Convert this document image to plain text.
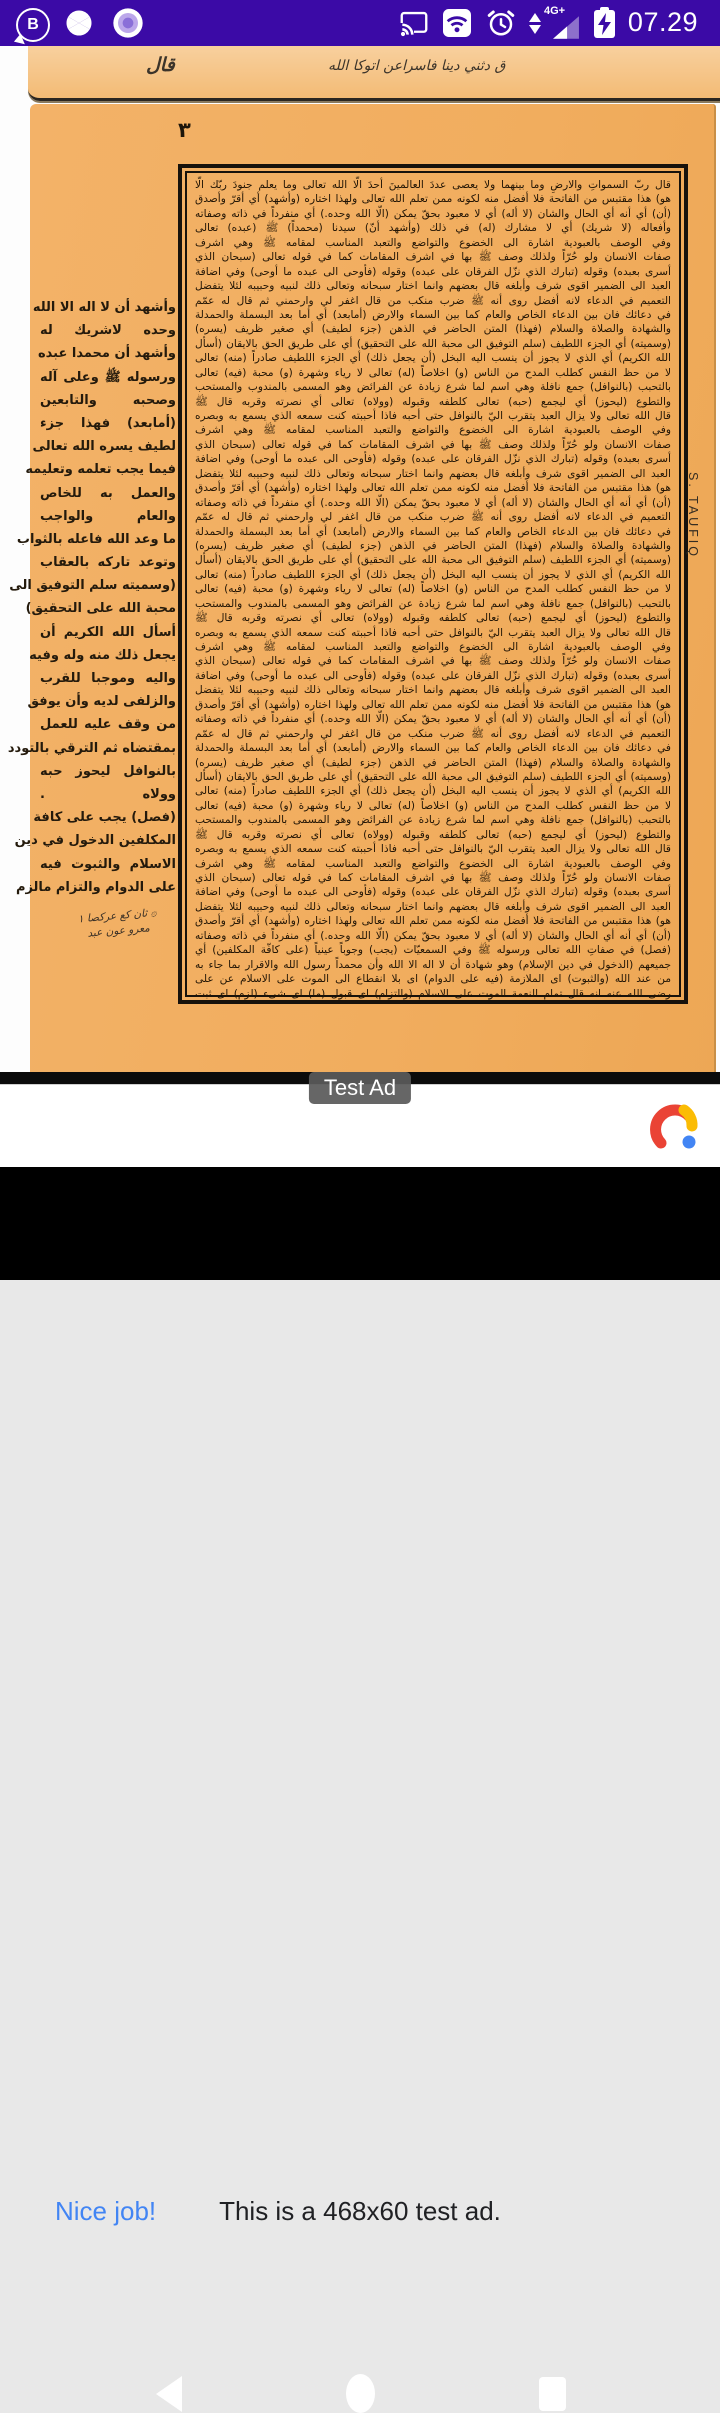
B
4G+ 07.29
قال	ق دثني دينا فاسراعن اتوكا الله
٣
وأشهد أن لا اله الا الله
وحده لاشريك له
وأشهد أن محمدا عبده
ورسوله ﷺ وعلى آله
وصحبه والتابعين
(أمابعد) فهذا جزء
لطيف يسره الله تعالى
فيما يجب تعلمه وتعليمه
والعمل به للخاص
والعام والواجب
ما وعد الله فاعله بالثواب
وتوعد تاركه بالعقاب
(وسميته سلم التوفيق الى
محبة الله على التحقيق)
أسأل الله الكريم أن
يجعل ذلك منه وله وفيه
واليه وموجبا للقرب
والزلفى لديه وأن يوفق
من وقف عليه للعمل
بمقتضاه ثم الترقي بالتودد
بالنوافل ليحوز حبه
وولاه .
(فصل) يجب على كافة
المكلفين الدخول في دين
الاسلام والثبوت فيه
على الدوام والتزام مالزم
۞ ثان كع عركصا ١
معرو عون عبد
قال ربّ السمواتِ والارضِ وما بينهما ولا يعصى عددَ العالمينَ أحدَ الّا الله تعالى وما يعلم جنودَ ربّك الّا
هو) هذا مقتبس من الفاتحة فلا أفضل منه لكونه ممن تعلم الله تعالى ولهذا اختاره (وأشهد) أي أقرّ وأصدق
(أن) أي أنه أي الحال والشان (لا أله) أي لا معبود بحقّ يمكن (الّا الله وحده.) أي منفرداً في ذاته وصفاته
وأفعاله (لا شريك) أي لا مشارك (له) في ذلك (وأشهد أنّ) سيدنا (محمداً) ﷺ (عبده) تعالى
وفي الوصف بالعبودية اشارة الى الخضوع والتواضع والتعبد المناسب لمقامه ﷺ وهي اشرف
صفات الانسان ولو حُرّاً ولذلك وصف ﷺ بها في اشرف المقامات كما في قوله تعالى (سبحان الذي
أسرى بعبده) وقوله (تبارك الذي نزّل الفرقان على عبده) وقوله (فأوحى الى عبده ما أوحى) وفي اضافة
العبد الى الضمير اقوى شرف وأبلغه قال بعضهم وانما اختار سبحانه وتعالى ذلك لنبيه وحبيبه لئلا يتفضل
التعميم في الدعاء لانه أفضل روى أنه ﷺ ضرب منكب من قال اغفر لي وارحمني ثم قال له عمّم
في دعائك فان بين الدعاء الخاص والعام كما بين السماء والارض (أمابعد) أي أما بعد البسملة والحمدلة
والشهادة والصلاة والسلام (فهذا) المتن الحاضر في الذهن (جزء لطيف) أي صغير ظريف (يسره)
(وسميته) أي الجزء اللطيف (سلم التوفيق الى محبة الله على التحقيق) أي على طريق الحق بالايقان (أسأل
الله الكريم) أي الذي لا يجوز أن ينسب اليه البخل (أن يجعل ذلك) أي الجزء اللطيف صادراً (منه) تعالى
لا من حظ النفس كطلب المدح من الناس (و) اخلاصاً (له) تعالى لا رياء وشهرة (و) محبة (فيه) تعالى
بالتحبب (بالنوافل) جمع نافلة وهي اسم لما شرع زيادة عن الفرائض وهو المسمى بالمندوب والمستحب
والتطوع (ليحوز) أي ليجمع (حبه) تعالى كلطفه وقبوله (وولاه) تعالى أي نصرته وقربه قال ﷺ
قال الله تعالى ولا يزال العبد يتقرب اليّ بالنوافل حتى أحبه فاذا أحببته كنت سمعه الذي يسمع به وبصره
وفي الوصف بالعبودية اشارة الى الخضوع والتواضع والتعبد المناسب لمقامه ﷺ وهي اشرف
صفات الانسان ولو حُرّاً ولذلك وصف ﷺ بها في اشرف المقامات كما في قوله تعالى (سبحان الذي
أسرى بعبده) وقوله (تبارك الذي نزّل الفرقان على عبده) وقوله (فأوحى الى عبده ما أوحى) وفي اضافة
العبد الى الضمير اقوى شرف وأبلغه قال بعضهم وانما اختار سبحانه وتعالى ذلك لنبيه وحبيبه لئلا يتفضل
هو) هذا مقتبس من الفاتحة فلا أفضل منه لكونه ممن تعلم الله تعالى ولهذا اختاره (وأشهد) أي أقرّ وأصدق
(أن) أي أنه أي الحال والشان (لا أله) أي لا معبود بحقّ يمكن (الّا الله وحده.) أي منفرداً في ذاته وصفاته
التعميم في الدعاء لانه أفضل روى أنه ﷺ ضرب منكب من قال اغفر لي وارحمني ثم قال له عمّم
في دعائك فان بين الدعاء الخاص والعام كما بين السماء والارض (أمابعد) أي أما بعد البسملة والحمدلة
والشهادة والصلاة والسلام (فهذا) المتن الحاضر في الذهن (جزء لطيف) أي صغير ظريف (يسره)
(وسميته) أي الجزء اللطيف (سلم التوفيق الى محبة الله على التحقيق) أي على طريق الحق بالايقان (أسأل
الله الكريم) أي الذي لا يجوز أن ينسب اليه البخل (أن يجعل ذلك) أي الجزء اللطيف صادراً (منه) تعالى
لا من حظ النفس كطلب المدح من الناس (و) اخلاصاً (له) تعالى لا رياء وشهرة (و) محبة (فيه) تعالى
بالتحبب (بالنوافل) جمع نافلة وهي اسم لما شرع زيادة عن الفرائض وهو المسمى بالمندوب والمستحب
والتطوع (ليحوز) أي ليجمع (حبه) تعالى كلطفه وقبوله (وولاه) تعالى أي نصرته وقربه قال ﷺ
قال الله تعالى ولا يزال العبد يتقرب اليّ بالنوافل حتى أحبه فاذا أحببته كنت سمعه الذي يسمع به وبصره
وفي الوصف بالعبودية اشارة الى الخضوع والتواضع والتعبد المناسب لمقامه ﷺ وهي اشرف
صفات الانسان ولو حُرّاً ولذلك وصف ﷺ بها في اشرف المقامات كما في قوله تعالى (سبحان الذي
أسرى بعبده) وقوله (تبارك الذي نزّل الفرقان على عبده) وقوله (فأوحى الى عبده ما أوحى) وفي اضافة
العبد الى الضمير اقوى شرف وأبلغه قال بعضهم وانما اختار سبحانه وتعالى ذلك لنبيه وحبيبه لئلا يتفضل
هو) هذا مقتبس من الفاتحة فلا أفضل منه لكونه ممن تعلم الله تعالى ولهذا اختاره (وأشهد) أي أقرّ وأصدق
(أن) أي أنه أي الحال والشان (لا أله) أي لا معبود بحقّ يمكن (الّا الله وحده.) أي منفرداً في ذاته وصفاته
التعميم في الدعاء لانه أفضل روى أنه ﷺ ضرب منكب من قال اغفر لي وارحمني ثم قال له عمّم
في دعائك فان بين الدعاء الخاص والعام كما بين السماء والارض (أمابعد) أي أما بعد البسملة والحمدلة
والشهادة والصلاة والسلام (فهذا) المتن الحاضر في الذهن (جزء لطيف) أي صغير ظريف (يسره)
(وسميته) أي الجزء اللطيف (سلم التوفيق الى محبة الله على التحقيق) أي على طريق الحق بالايقان (أسأل
الله الكريم) أي الذي لا يجوز أن ينسب اليه البخل (أن يجعل ذلك) أي الجزء اللطيف صادراً (منه) تعالى
لا من حظ النفس كطلب المدح من الناس (و) اخلاصاً (له) تعالى لا رياء وشهرة (و) محبة (فيه) تعالى
بالتحبب (بالنوافل) جمع نافلة وهي اسم لما شرع زيادة عن الفرائض وهو المسمى بالمندوب والمستحب
والتطوع (ليحوز) أي ليجمع (حبه) تعالى كلطفه وقبوله (وولاه) تعالى أي نصرته وقربه قال ﷺ
قال الله تعالى ولا يزال العبد يتقرب اليّ بالنوافل حتى أحبه فاذا أحببته كنت سمعه الذي يسمع به وبصره
وفي الوصف بالعبودية اشارة الى الخضوع والتواضع والتعبد المناسب لمقامه ﷺ وهي اشرف
صفات الانسان ولو حُرّاً ولذلك وصف ﷺ بها في اشرف المقامات كما في قوله تعالى (سبحان الذي
أسرى بعبده) وقوله (تبارك الذي نزّل الفرقان على عبده) وقوله (فأوحى الى عبده ما أوحى) وفي اضافة
العبد الى الضمير اقوى شرف وأبلغه قال بعضهم وانما اختار سبحانه وتعالى ذلك لنبيه وحبيبه لئلا يتفضل
هو) هذا مقتبس من الفاتحة فلا أفضل منه لكونه ممن تعلم الله تعالى ولهذا اختاره (وأشهد) أي أقرّ وأصدق
(أن) أي أنه أي الحال والشان (لا أله) أي لا معبود بحقّ يمكن (الّا الله وحده.) أي منفرداً في ذاته وصفاته
(فصل) في صفاتِ الله تعالى ورسوله ﷺ وفي السمعيّات (يجب) وجوباً عينياً (على كافّة المكلفين) أي
جميعهم (الدخول في دين الإسلام) وهو شهادة أن لا اله الا الله وأن محمداً رسول الله والاقرار بما جاء به
من عند الله (والثبوت) اى الملازمة (فيه على الدوام) اى بلا انقطاع الى الموت على الاسلام عن على
رضى الله عنه انه قال تمام النعمة الموت على الاسلام (والتزام) اى قبول (ما) اى شىء (لزم) اى ثبت
S. TAUFIQ
Nice job!	This is a 468x60 test ad.
Test Ad
